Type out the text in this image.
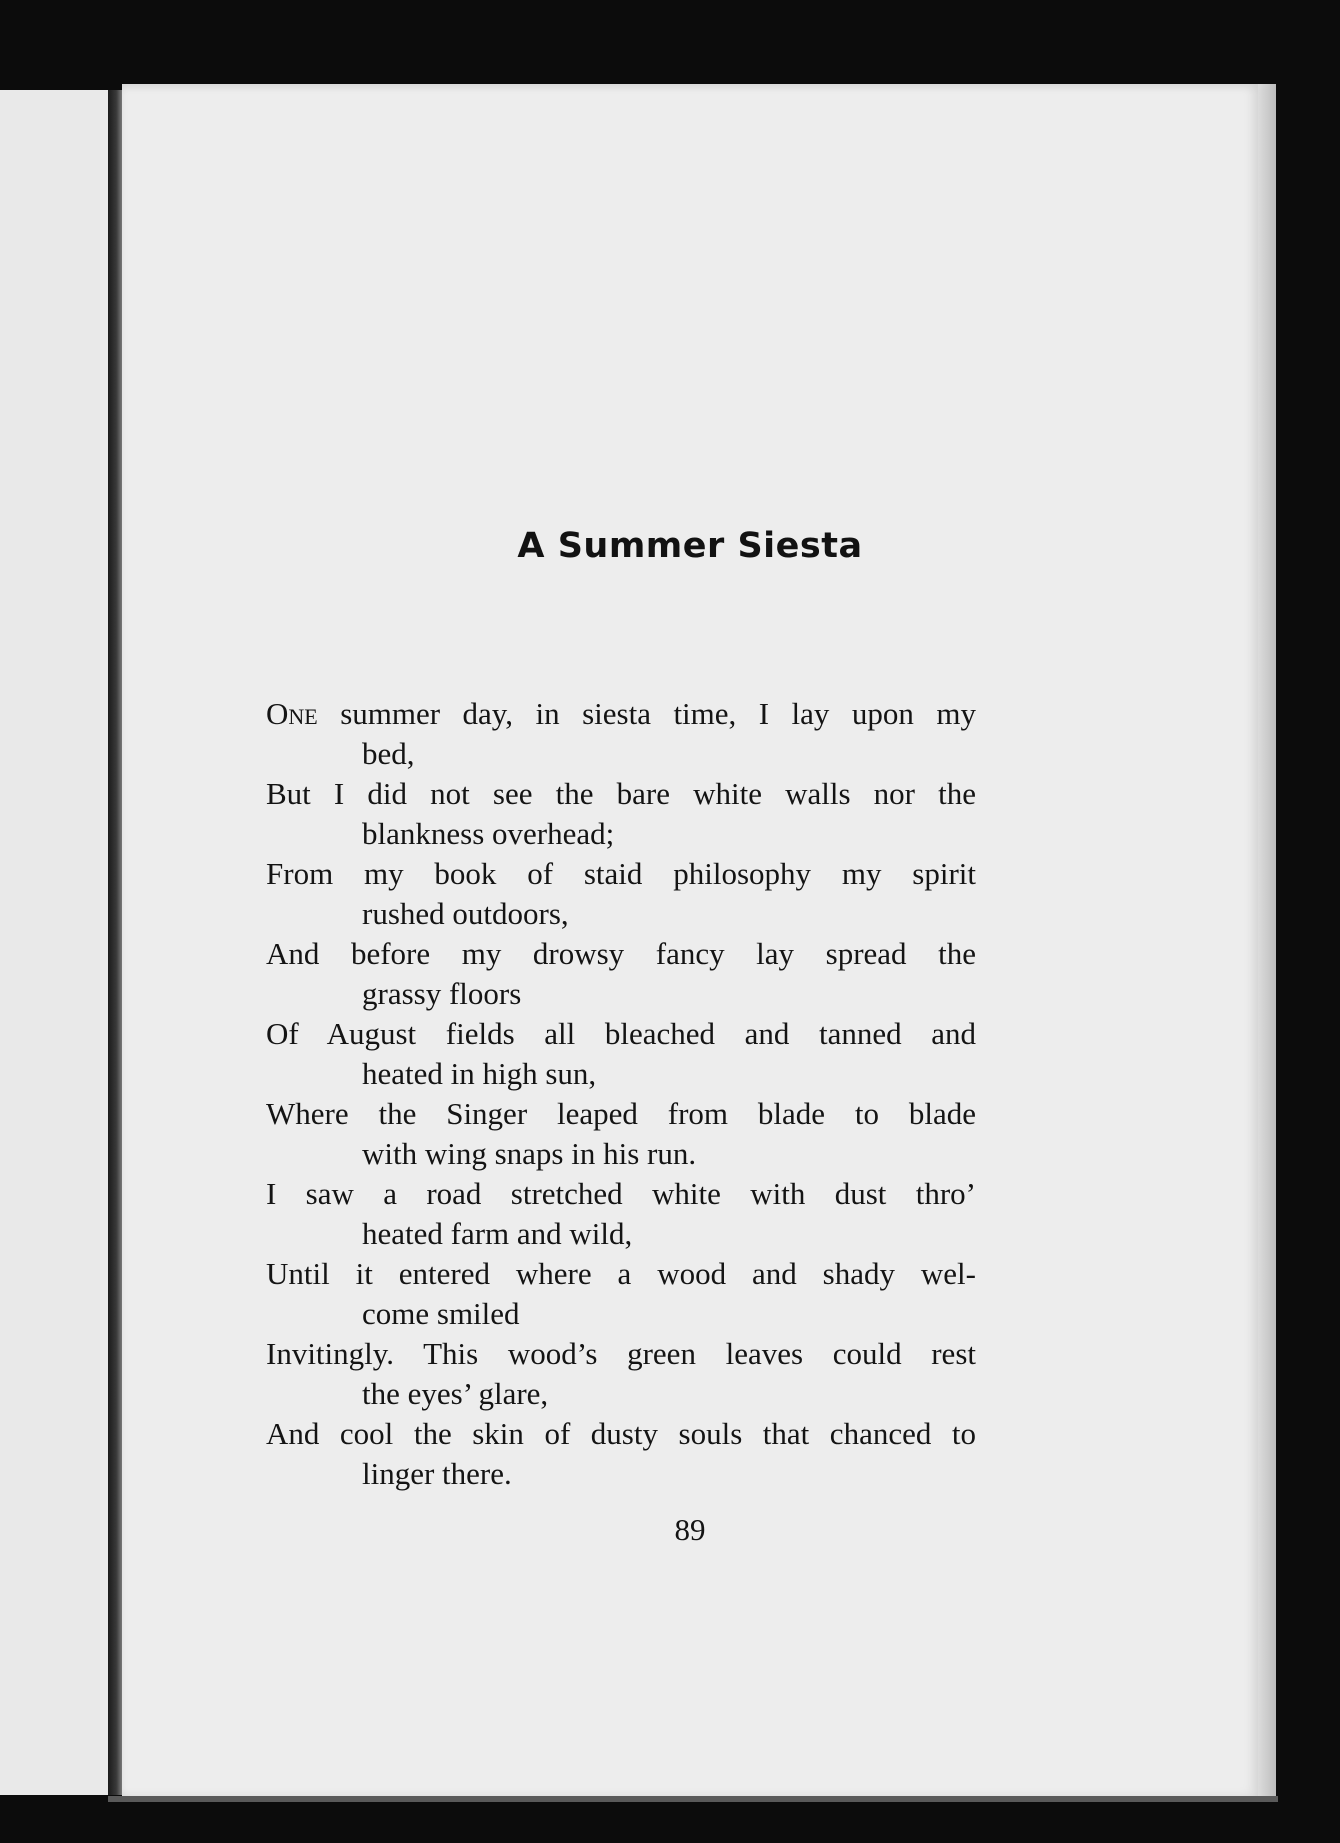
A Summer Siesta
One summer day, in siesta time, I lay upon my
bed,
But I did not see the bare white walls nor the
blankness overhead;
From my book of staid philosophy my spirit
rushed outdoors,
And before my drowsy fancy lay spread the
grassy floors
Of August fields all bleached and tanned and
heated in high sun,
Where the Singer leaped from blade to blade
with wing snaps in his run.
I saw a road stretched white with dust thro’
heated farm and wild,
Until it entered where a wood and shady wel-
come smiled
Invitingly. This wood’s green leaves could rest
the eyes’ glare,
And cool the skin of dusty souls that chanced to
linger there.
89
